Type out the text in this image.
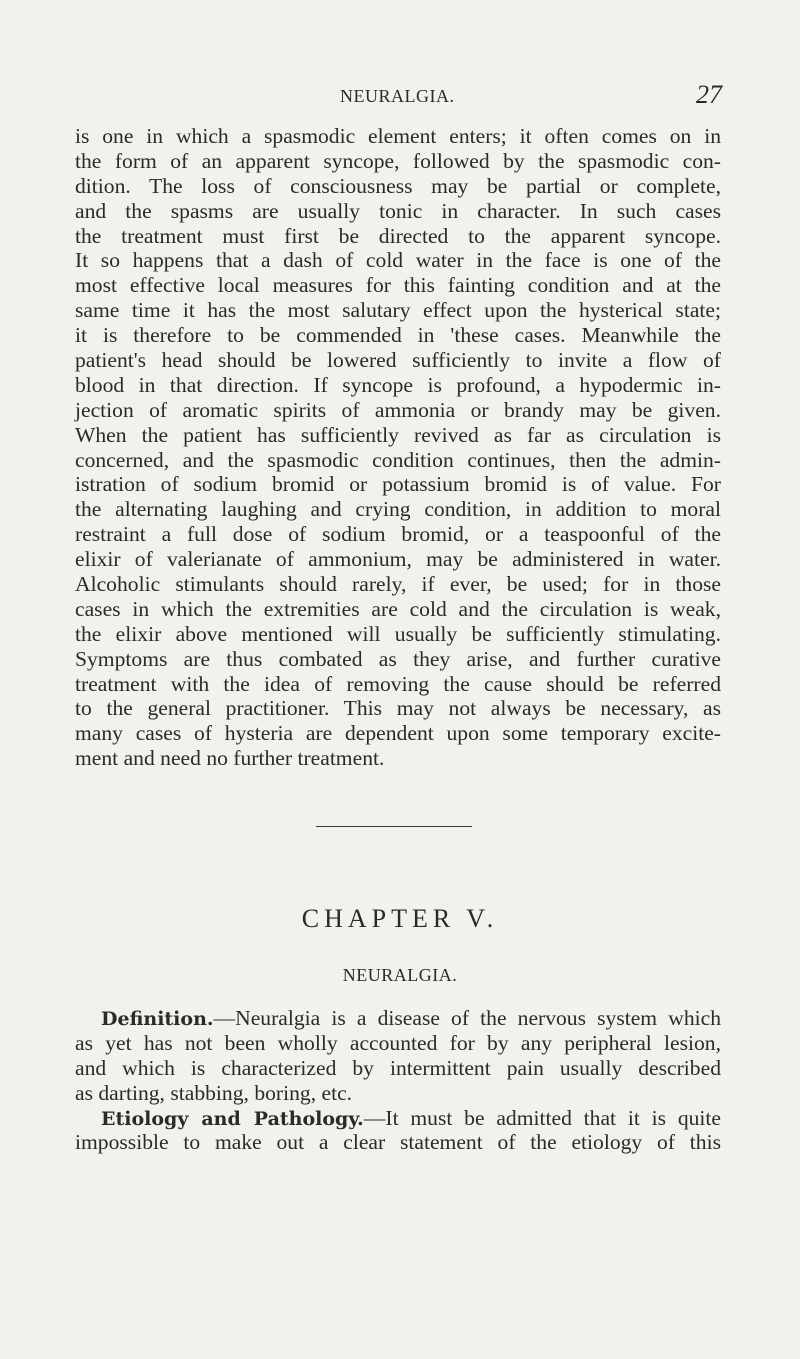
NEURALGIA.	27
is one in which a spasmodic element enters; it often comes on in
the form of an apparent syncope, followed by the spasmodic con-
dition. The loss of consciousness may be partial or complete,
and the spasms are usually tonic in character. In such cases
the treatment must first be directed to the apparent syncope.
It so happens that a dash of cold water in the face is one of the
most effective local measures for this fainting condition and at the
same time it has the most salutary effect upon the hysterical state;
it is therefore to be commended in 'these cases. Meanwhile the
patient's head should be lowered sufficiently to invite a flow of
blood in that direction. If syncope is profound, a hypodermic in-
jection of aromatic spirits of ammonia or brandy may be given.
When the patient has sufficiently revived as far as circulation is
concerned, and the spasmodic condition continues, then the admin-
istration of sodium bromid or potassium bromid is of value. For
the alternating laughing and crying condition, in addition to moral
restraint a full dose of sodium bromid, or a teaspoonful of the
elixir of valerianate of ammonium, may be administered in water.
Alcoholic stimulants should rarely, if ever, be used; for in those
cases in which the extremities are cold and the circulation is weak,
the elixir above mentioned will usually be sufficiently stimulating.
Symptoms are thus combated as they arise, and further curative
treatment with the idea of removing the cause should be referred
to the general practitioner. This may not always be necessary, as
many cases of hysteria are dependent upon some temporary excite-
ment and need no further treatment.
CHAPTER V.
NEURALGIA.
Definition.—Neuralgia is a disease of the nervous system which
as yet has not been wholly accounted for by any peripheral lesion,
and which is characterized by intermittent pain usually described
as darting, stabbing, boring, etc.
Etiology and Pathology.—It must be admitted that it is quite
impossible to make out a clear statement of the etiology of this
